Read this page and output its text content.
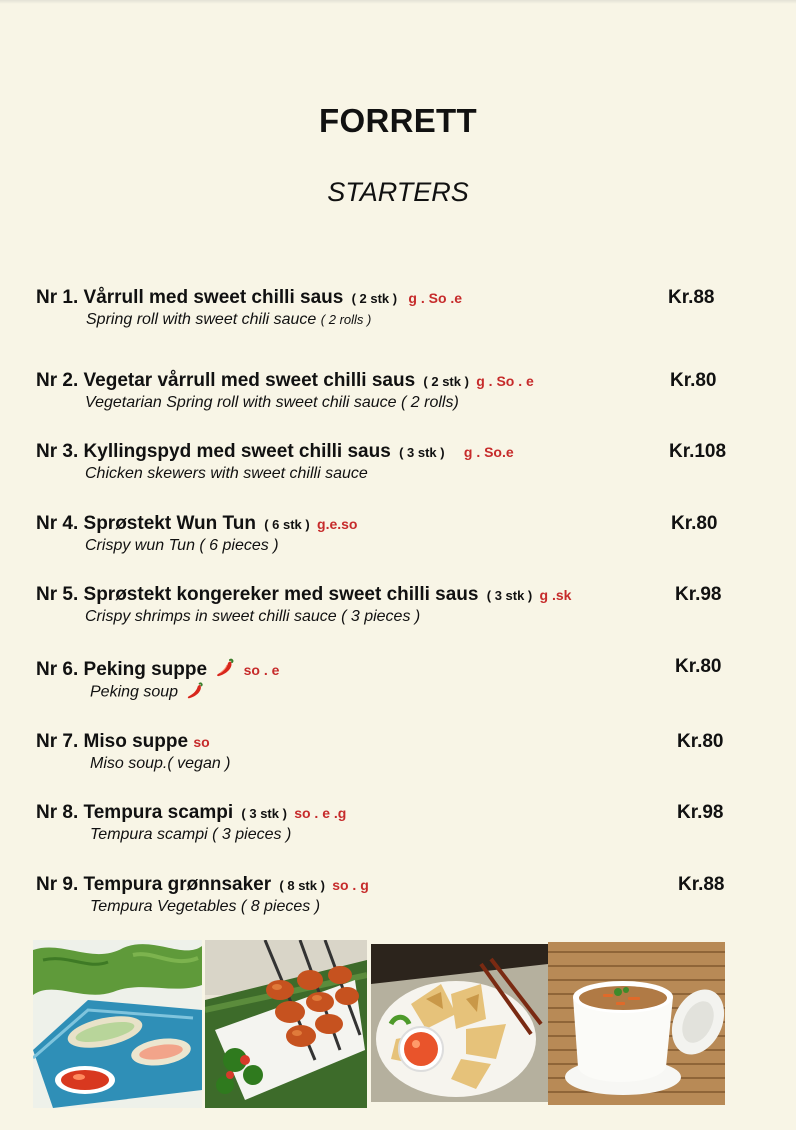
FORRETT
STARTERS
Nr 1. Vårrull med sweet chilli saus ( 2 stk ) g . So .e
Spring roll with sweet chili sauce ( 2 rolls )
Kr.88
Nr 2. Vegetar vårrull med sweet chilli saus ( 2 stk ) g . So . e
Vegetarian Spring roll with sweet chili sauce ( 2 rolls)
Kr.80
Nr 3. Kyllingspyd med sweet chilli saus ( 3 stk ) g . So.e
Chicken skewers with sweet chilli sauce
Kr.108
Nr 4. Sprøstekt Wun Tun ( 6 stk ) g.e.so
Crispy wun Tun ( 6 pieces )
Kr.80
Nr 5. Sprøstekt kongereker med sweet chilli saus ( 3 stk ) g .sk
Crispy shrimps in sweet chilli sauce ( 3 pieces )
Kr.98
Nr 6. Peking suppe	so . e
Peking soup
Kr.80
Nr 7. Miso suppe so
Miso soup.( vegan )
Kr.80
Nr 8. Tempura scampi ( 3 stk ) so . e .g
Tempura scampi ( 3 pieces )
Kr.98
Nr 9. Tempura grønnsaker ( 8 stk ) so . g
Tempura Vegetables ( 8 pieces )
Kr.88
